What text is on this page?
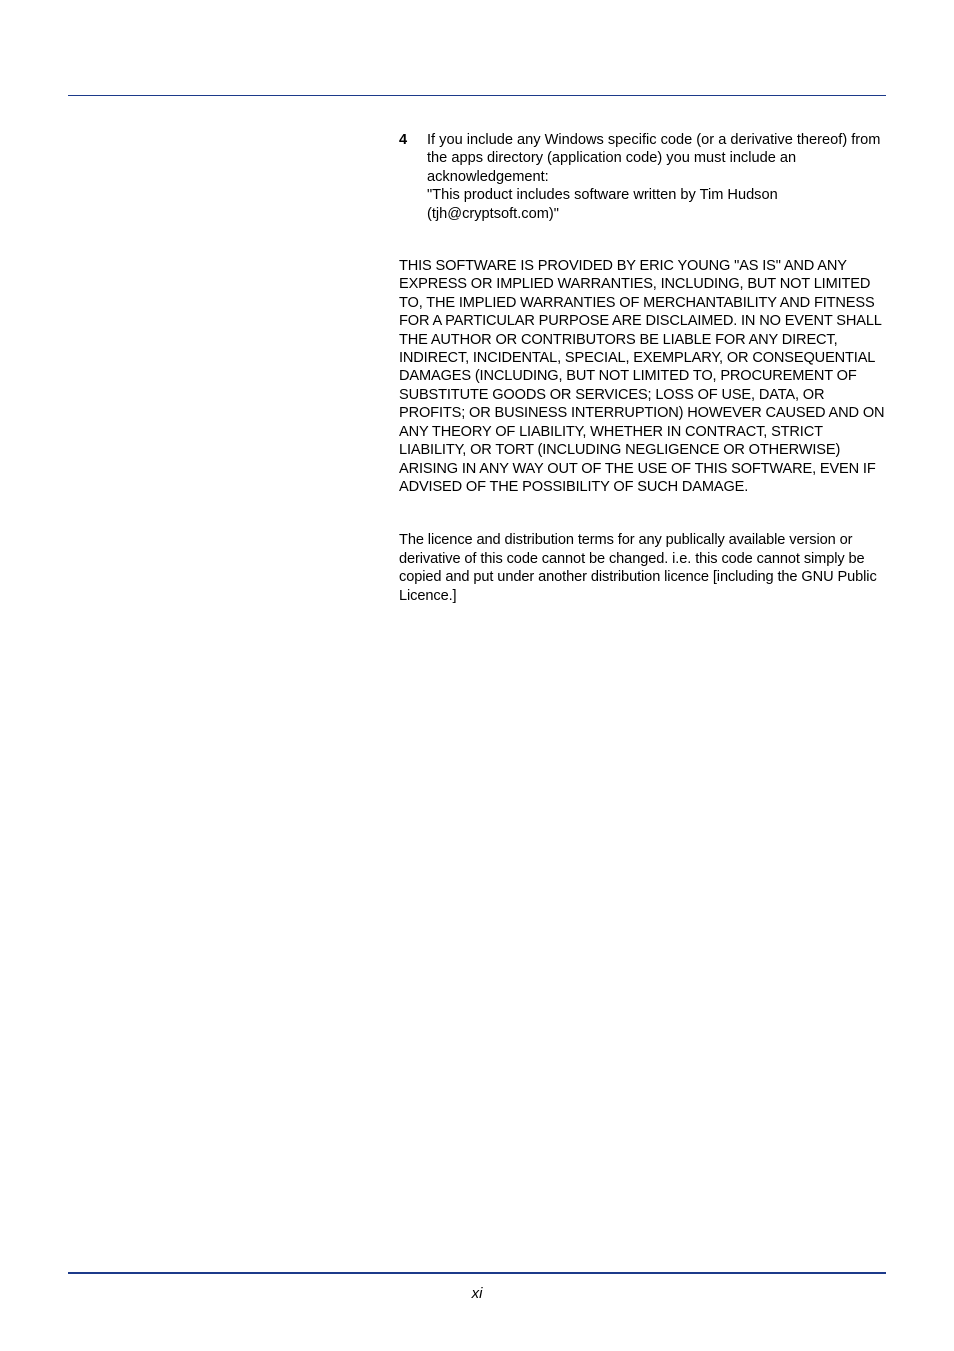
4	If you include any Windows specific code (or a derivative thereof) from the apps directory (application code) you must include an acknowledgement:

"This product includes software written by Tim Hudson (tjh@cryptsoft.com)"

THIS SOFTWARE IS PROVIDED BY ERIC YOUNG "AS IS" AND ANY EXPRESS OR IMPLIED WARRANTIES, INCLUDING, BUT NOT LIMITED TO, THE IMPLIED WARRANTIES OF MERCHANTABILITY AND FITNESS FOR A PARTICULAR PURPOSE ARE DISCLAIMED. IN NO EVENT SHALL THE AUTHOR OR CONTRIBUTORS BE LIABLE FOR ANY DIRECT, INDIRECT, INCIDENTAL, SPECIAL, EXEMPLARY, OR CONSEQUENTIAL DAMAGES (INCLUDING, BUT NOT LIMITED TO, PROCUREMENT OF SUBSTITUTE GOODS OR SERVICES; LOSS OF USE, DATA, OR PROFITS; OR BUSINESS INTERRUPTION) HOWEVER CAUSED AND ON ANY THEORY OF LIABILITY, WHETHER IN CONTRACT, STRICT LIABILITY, OR TORT (INCLUDING NEGLIGENCE OR OTHERWISE) ARISING IN ANY WAY OUT OF THE USE OF THIS SOFTWARE, EVEN IF ADVISED OF THE POSSIBILITY OF SUCH DAMAGE.

The licence and distribution terms for any publically available version or derivative of this code cannot be changed. i.e. this code cannot simply be copied and put under another distribution licence [including the GNU Public Licence.]

xi
